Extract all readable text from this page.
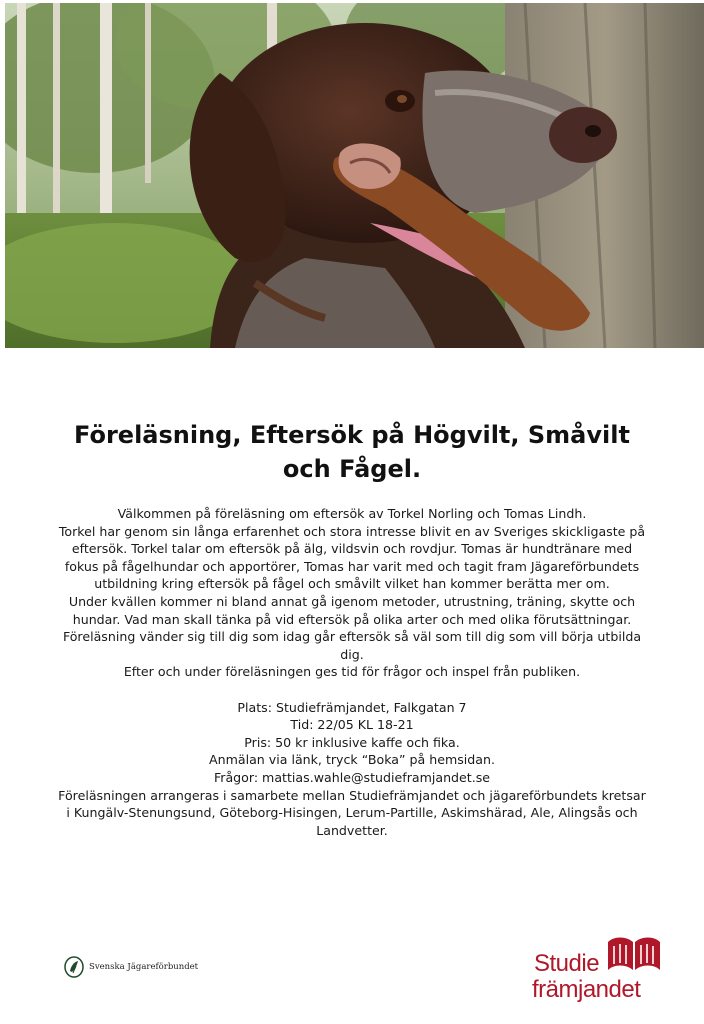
Föreläsning, Eftersök på Högvilt, Småvilt
och Fågel.

Välkommen på föreläsning om eftersök av Torkel Norling och Tomas Lindh.

Torkel har genom sin långa erfarenhet och stora intresse blivit en av Sveriges skickligaste på

eftersök. Torkel talar om eftersök på älg, vildsvin och rovdjur. Tomas är hundtränare med

fokus på fågelhundar och apportörer, Tomas har varit med och tagit fram Jägareförbundets

utbildning kring eftersök på fågel och småvilt vilket han kommer berätta mer om.

Under kvällen kommer ni bland annat gå igenom metoder, utrustning, träning, skytte och

hundar. Vad man skall tänka på vid eftersök på olika arter och med olika förutsättningar.

Föreläsning vänder sig till dig som idag går eftersök så väl som till dig som vill börja utbilda

dig.

Efter och under föreläsningen ges tid för frågor och inspel från publiken.

Plats: Studiefrämjandet, Falkgatan 7

Tid: 22/05 KL 18-21

Pris: 50 kr inklusive kaffe och fika.

Anmälan via länk, tryck “Boka” på hemsidan.

Frågor: mattias.wahle@studieframjandet.se

Föreläsningen arrangeras i samarbete mellan Studiefrämjandet och jägareförbundets kretsar

i Kungälv-Stenungsund, Göteborg-Hisingen, Lerum-Partille, Askimshärad, Ale, Alingsås och

Landvetter.

Svenska Jägareförbundet	Studie
främjandet
